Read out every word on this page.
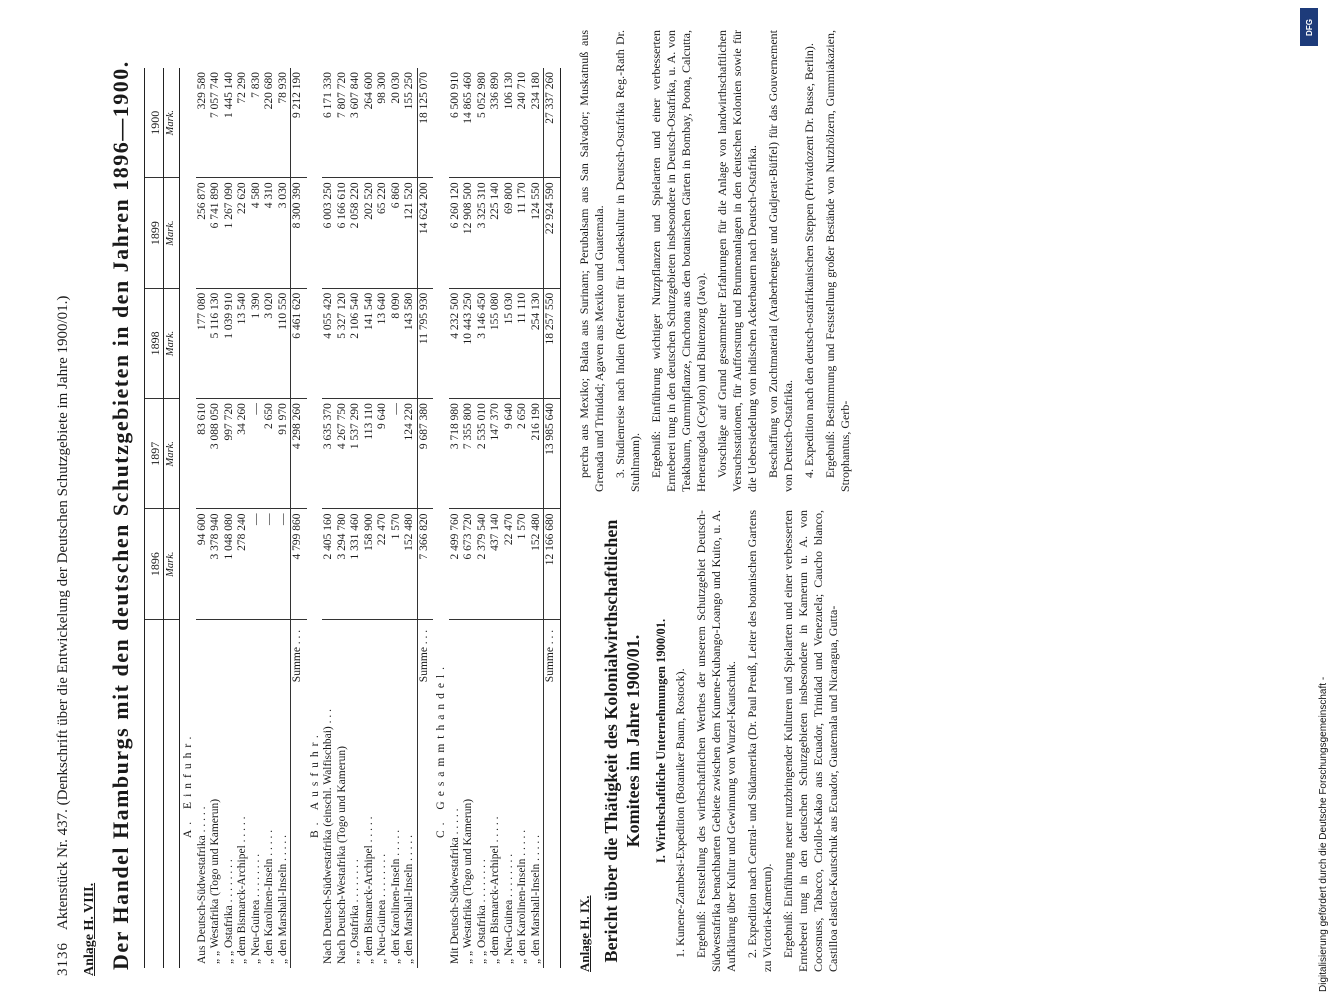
3136
Aktenstück Nr. 437. (Denkschrift über die Entwickelung der Deutschen Schutzgebiete im Jahre 1900/01.) Anlage H. VIII. Der Handel Hamburgs mit den deutschen Schutzgebieten in den Jahren 1896—1900.
	1896	1897	1898	1899	1900
	Mark.	Mark.	Mark.	Mark.	Mark.
A. Einfuhr.					
Aus Deutsch-Südwestafrika . . . . .	94 600	83 610	177 080	256 870	329 580
„ „ Westafrika (Togo und Kamerun)	3 378 940	3 088 050	5 116 130	6 741 890	7 057 740
„ „ Ostafrika . . . . . . . .	1 048 080	997 720	1 039 910	1 267 090	1 445 140
„ dem Bismarck-Archipel . . . . .	278 240	34 260	13 540	22 620	72 290
„ Neu-Guinea . . . . . . . .	—	—	1 390	4 580	7 830
„ den Karolinen-Inseln . . . . .	—	2 650	3 020	4 310	220 680
„ den Marshall-Inseln . . . . .	—	91 970	110 550	3 030	78 930
Summe . . .	4 799 860	4 298 260	6 461 620	8 300 390	9 212 190
B. Ausfuhr.					
Nach Deutsch-Südwestafrika (einschl. Walfischbai) . . .	2 405 160	3 635 370	4 055 420	6 003 250	6 171 330
Nach Deutsch-Westafrika (Togo und Kamerun)	3 294 780	4 267 750	5 327 120	6 166 610	7 807 720
„ „ Ostafrika . . . . . . . .	1 331 460	1 537 290	2 106 540	2 058 220	3 607 840
„ dem Bismarck-Archipel . . . . .	158 900	113 110	141 540	202 520	264 600
„ Neu-Guinea . . . . . . . .	22 470	9 640	13 640	65 220	98 300
„ den Karolinen-Inseln . . . . .	1 570	—	8 090	6 860	20 030
„ den Marshall-Inseln . . . . .	152 480	124 220	143 580	121 520	155 250
Summe . . .	7 366 820	9 687 380	11 795 930	14 624 200	18 125 070
C. Gesammthandel.					
Mit Deutsch-Südwestafrika . . . . .	2 499 760	3 718 980	4 232 500	6 260 120	6 500 910
„ „ Westafrika (Togo und Kamerun)	6 673 720	7 355 800	10 443 250	12 908 500	14 865 460
„ „ Ostafrika . . . . . . . .	2 379 540	2 535 010	3 146 450	3 325 310	5 052 980
„ dem Bismarck-Archipel . . . . .	437 140	147 370	155 080	225 140	336 890
„ Neu-Guinea . . . . . . . .	22 470	9 640	15 030	69 800	106 130
„ den Karolinen-Inseln . . . . .	1 570	2 650	11 110	11 170	240 710
„ den Marshall-Inseln . . . . .	152 480	216 190	254 130	124 550	234 180
Summe . . .	12 166 680	13 985 640	18 257 550	22 924 590	27 337 260
Anlage H. IX. Bericht über die Thätigkeit des Kolonialwirthschaftlichen Komitees im Jahre 1900/01. I. Wirthschaftliche Unternehmungen 1900/01. 1. Kunene-Zambesi-Expedition (Botaniker Baum, Rostock). Ergebniß: Feststellung des wirthschaftlichen Werthes der unserem Schutzgebiet Deutsch-Südwestafrika benachbarten Gebiete zwischen dem Kunene-Kubango-Loango und Kuito, u. A. Aufklärung über Kultur und Gewinnung von Wurzel-Kautschuk. 2. Expedition nach Central- und Südamerika (Dr. Paul Preuß, Leiter des botanischen Gartens zu Victoria-Kamerun). Ergebniß: Einführung neuer nutzbringender Kulturen und Spielarten und einer verbesserten Ernteberei tung in den deutschen Schutzgebieten insbesondere in Kamerun u. A. von Cocosnuss, Tabacco, Criollo-Kakao aus Ecuador, Trinidad und Venezuela; Caucho blanco, Castilloa elastica-Kautschuk aus Ecuador, Guatemala und Nicaragua, Gutta-

percha aus Mexiko; Balata aus Surinam; Perubalsam aus San Salvador; Muskatnuß aus Grenada und Trinidad; Agaven aus Mexiko und Guatemala. 3. Studienreise nach Indien (Referent für Landeskultur in Deutsch-Ostafrika Reg.-Rath Dr. Stuhlmann). Ergebniß: Einführung wichtiger Nutzpflanzen und Spielarten und einer verbesserten Ernteberei tung in den deutschen Schutzgebieten insbesondere in Deutsch-Ostafrika, u. A. von Teakbaum, Gummipflanze, Cinchona aus den botanischen Gärten in Bombay, Poona, Calcutta, Heneratgoda (Ceylon) und Buitenzorg (Java). Vorschläge auf Grund gesammelter Erfahrungen für die Anlage von landwirthschaftlichen Versuchsstationen, für Aufforstung und Brunnenanlagen in den deutschen Kolonien sowie für die Uebersiedelung von indischen Ackerbauern nach Deutsch-Ostafrika. Beschaffung von Zuchtmaterial (Araberhengste und Gudjerat-Büffel) für das Gouvernement von Deutsch-Ostafrika. 4. Expedition nach den deutsch-ostafrikanischen Steppen (Privatdozent Dr. Busse, Berlin). Ergebniß: Bestimmung und Feststellung großer Bestände von Nutzhölzern, Gummiakazien, Strophantus, Gerb-

DFG
Digitalisierung gefördert durch die Deutsche Forschungsgemeinschaft -
